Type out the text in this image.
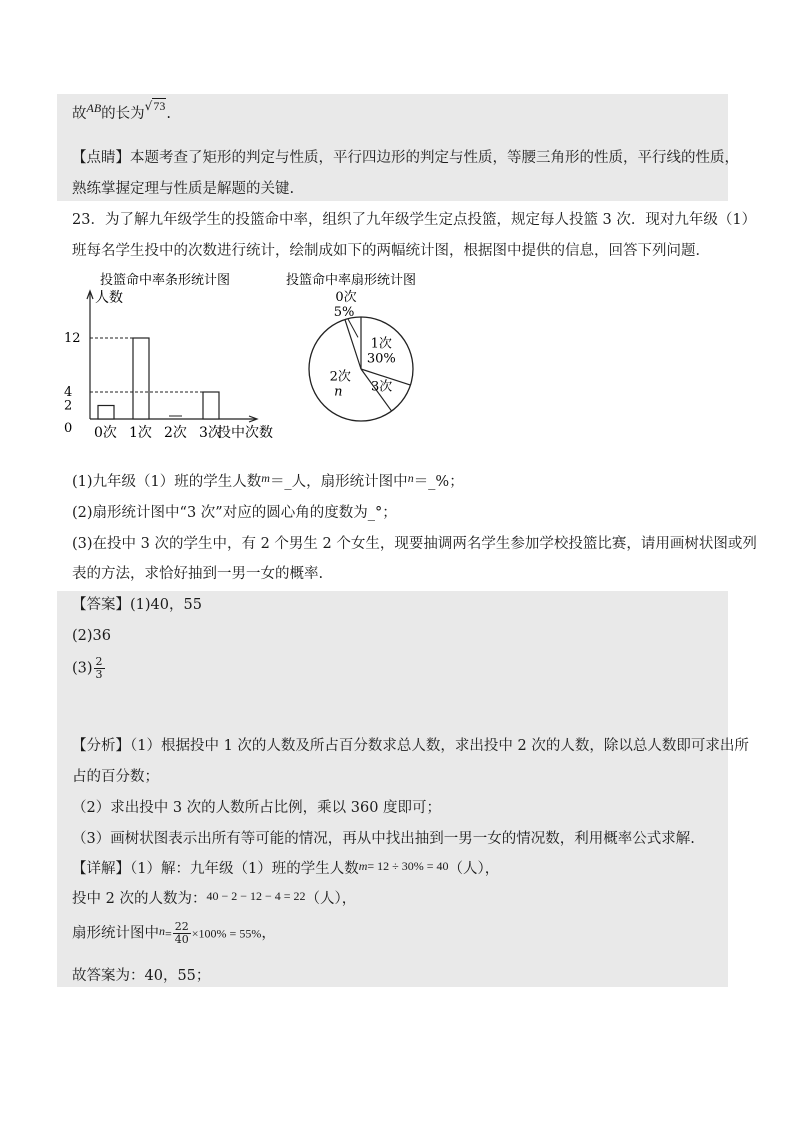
故$^{AB}$的长为√73.
【点睛】本题考查了矩形的判定与性质，平行四边形的判定与性质，等腰三角形的性质，平行线的性质，
熟练掌握定理与性质是解题的关键.
23．为了解九年级学生的投篮命中率，组织了九年级学生定点投篮，规定每人投篮 3 次．现对九年级（1）
班每名学生投中的次数进行统计，绘制成如下的两幅统计图，根据图中提供的信息，回答下列问题．
投篮命中率条形统计图
人数
投中次数
0
2
4
12
0次 1次 2次 3次
投篮命中率扇形统计图
1次
30%
3次
2次
n
0次
5%
(1)九年级（1）班的学生人数$^m$＝_人，扇形统计图中$^n$＝_%；
(2)扇形统计图中“3 次”对应的圆心角的度数为_°；
(3)在投中 3 次的学生中，有 2 个男生 2 个女生，现要抽调两名学生参加学校投篮比赛，请用画树状图或列
表的方法，求恰好抽到一男一女的概率.
【答案】(1)40，55
(2)36
$(3) \frac{2}{3}$
【分析】（1）根据投中 1 次的人数及所占百分数求总人数，求出投中 2 次的人数，除以总人数即可求出所
占的百分数；
（2）求出投中 3 次的人数所占比例，乘以 360 度即可；
（3）画树状图表示出所有等可能的情况，再从中找出抽到一男一女的情况数，利用概率公式求解.
【详解】（1）解：九年级（1）班的学生人数$^{m= 12 \div 30\% = 40}$（人），
投中 2 次的人数为：$^{40 - 2 - 12 - 4 = 22}$（人），
扇形统计图中$^n= \frac{22}{40} \times 100\% = 55\%$，
故答案为：40，55；
